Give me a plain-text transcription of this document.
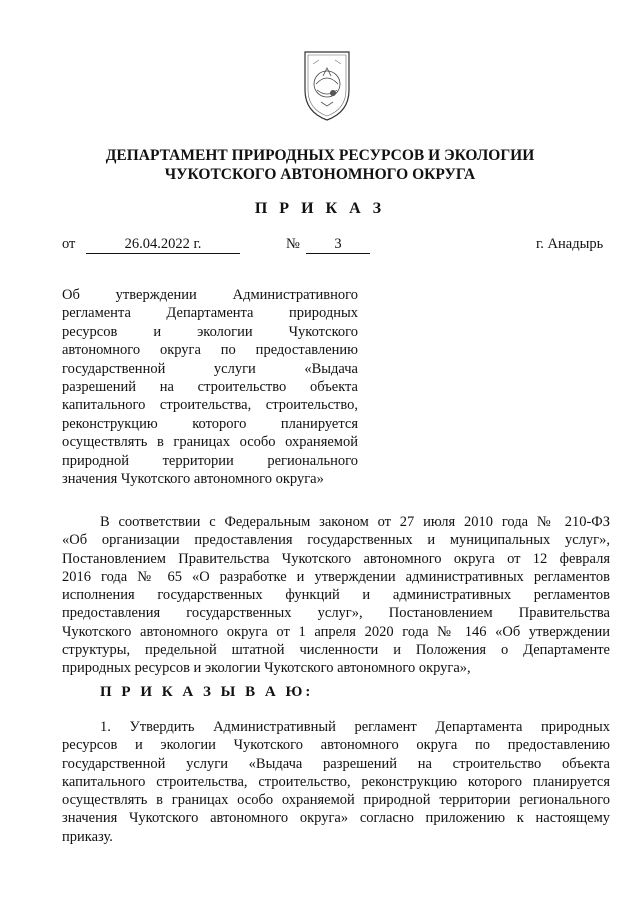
ДЕПАРТАМЕНТ ПРИРОДНЫХ РЕСУРСОВ И ЭКОЛОГИИ
ЧУКОТСКОГО АВТОНОМНОГО ОКРУГА
П Р И К А З
от	26.04.2022 г.	№	3	г. Анадырь
Об утверждении Административного
регламента Департамента природных
ресурсов и экологии Чукотского
автономного округа по предоставлению
государственной услуги «Выдача
разрешений на строительство объекта
капитального строительства, строительство,
реконструкцию которого планируется
осуществлять в границах особо охраняемой
природной территории регионального
значения Чукотского автономного округа»
В соответствии с Федеральным законом от 27 июля 2010 года № 210-ФЗ
«Об организации предоставления государственных и муниципальных услуг»,
Постановлением Правительства Чукотского автономного округа от 12 февраля
2016 года № 65 «О разработке и утверждении административных регламентов
исполнения государственных функций и административных регламентов
предоставления государственных услуг», Постановлением Правительства
Чукотского автономного округа от 1 апреля 2020 года № 146 «Об утверждении
структуры, предельной штатной численности и Положения о Департаменте
природных ресурсов и экологии Чукотского автономного округа»,
П Р И К А З Ы В А Ю:
1. Утвердить Административный регламент Департамента природных
ресурсов и экологии Чукотского автономного округа по предоставлению
государственной услуги «Выдача разрешений на строительство объекта
капитального строительства, строительство, реконструкцию которого планируется
осуществлять в границах особо охраняемой природной территории регионального
значения Чукотского автономного округа» согласно приложению к настоящему
приказу.
